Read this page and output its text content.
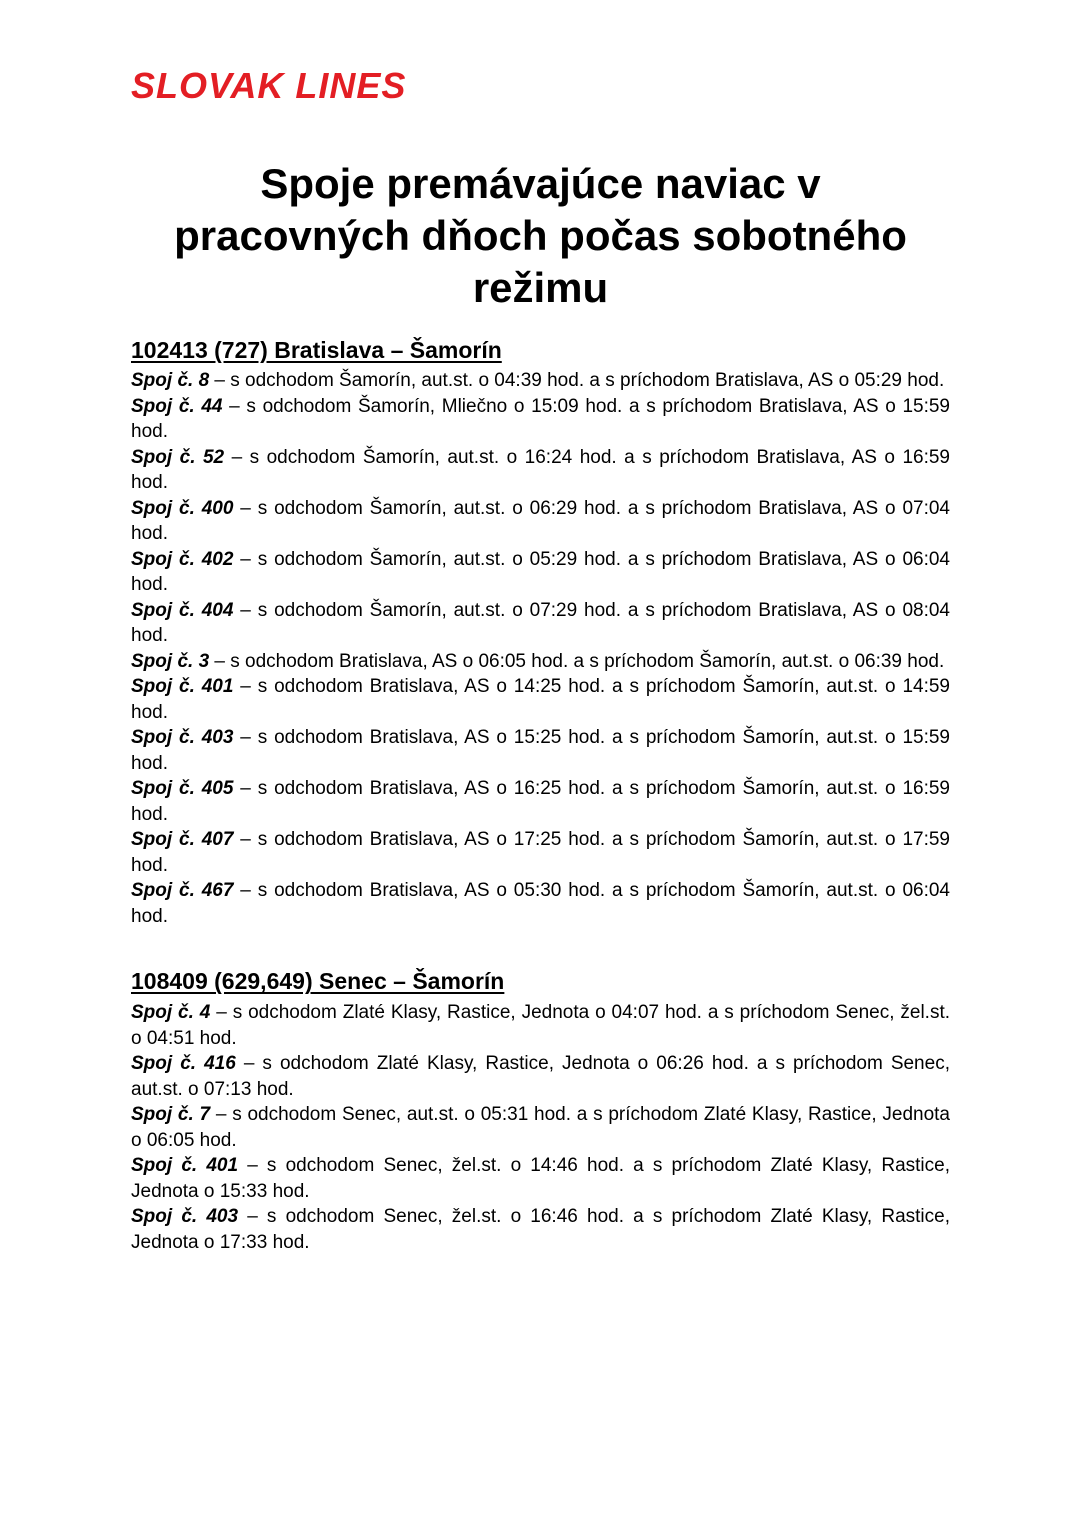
SLOVAK LINES
Spoje premávajúce naviac v
pracovných dňoch počas sobotného
režimu
102413 (727) Bratislava – Šamorín

Spoj č. 8 – s odchodom Šamorín, aut.st. o 04:39 hod. a s príchodom Bratislava, AS o 05:29 hod.

Spoj č. 44 – s odchodom Šamorín, Mliečno o 15:09 hod. a s príchodom Bratislava, AS o 15:59 hod.

Spoj č. 52 – s odchodom Šamorín, aut.st. o 16:24 hod. a s príchodom Bratislava, AS o 16:59 hod.

Spoj č. 400 – s odchodom Šamorín, aut.st. o 06:29 hod. a s príchodom Bratislava, AS o 07:04 hod.

Spoj č. 402 – s odchodom Šamorín, aut.st. o 05:29 hod. a s príchodom Bratislava, AS o 06:04 hod.

Spoj č. 404 – s odchodom Šamorín, aut.st. o 07:29 hod. a s príchodom Bratislava, AS o 08:04 hod.

Spoj č. 3 – s odchodom Bratislava, AS o 06:05 hod. a s príchodom Šamorín, aut.st. o 06:39 hod.

Spoj č. 401 – s odchodom Bratislava, AS o 14:25 hod. a s príchodom Šamorín, aut.st. o 14:59 hod.

Spoj č. 403 – s odchodom Bratislava, AS o 15:25 hod. a s príchodom Šamorín, aut.st. o 15:59 hod.

Spoj č. 405 – s odchodom Bratislava, AS o 16:25 hod. a s príchodom Šamorín, aut.st. o 16:59 hod.

Spoj č. 407 – s odchodom Bratislava, AS o 17:25 hod. a s príchodom Šamorín, aut.st. o 17:59 hod.

Spoj č. 467 – s odchodom Bratislava, AS o 05:30 hod. a s príchodom Šamorín, aut.st. o 06:04 hod.

108409 (629,649) Senec – Šamorín

Spoj č. 4 – s odchodom Zlaté Klasy, Rastice, Jednota o 04:07 hod. a s príchodom Senec, žel.st. o 04:51 hod.

Spoj č. 416 – s odchodom Zlaté Klasy, Rastice, Jednota o 06:26 hod. a s príchodom Senec, aut.st. o 07:13 hod.

Spoj č. 7 – s odchodom Senec, aut.st. o 05:31 hod. a s príchodom Zlaté Klasy, Rastice, Jednota o 06:05 hod.

Spoj č. 401 – s odchodom Senec, žel.st. o 14:46 hod. a s príchodom Zlaté Klasy, Rastice, Jednota o 15:33 hod.

Spoj č. 403 – s odchodom Senec, žel.st. o 16:46 hod. a s príchodom Zlaté Klasy, Rastice, Jednota o 17:33 hod.
